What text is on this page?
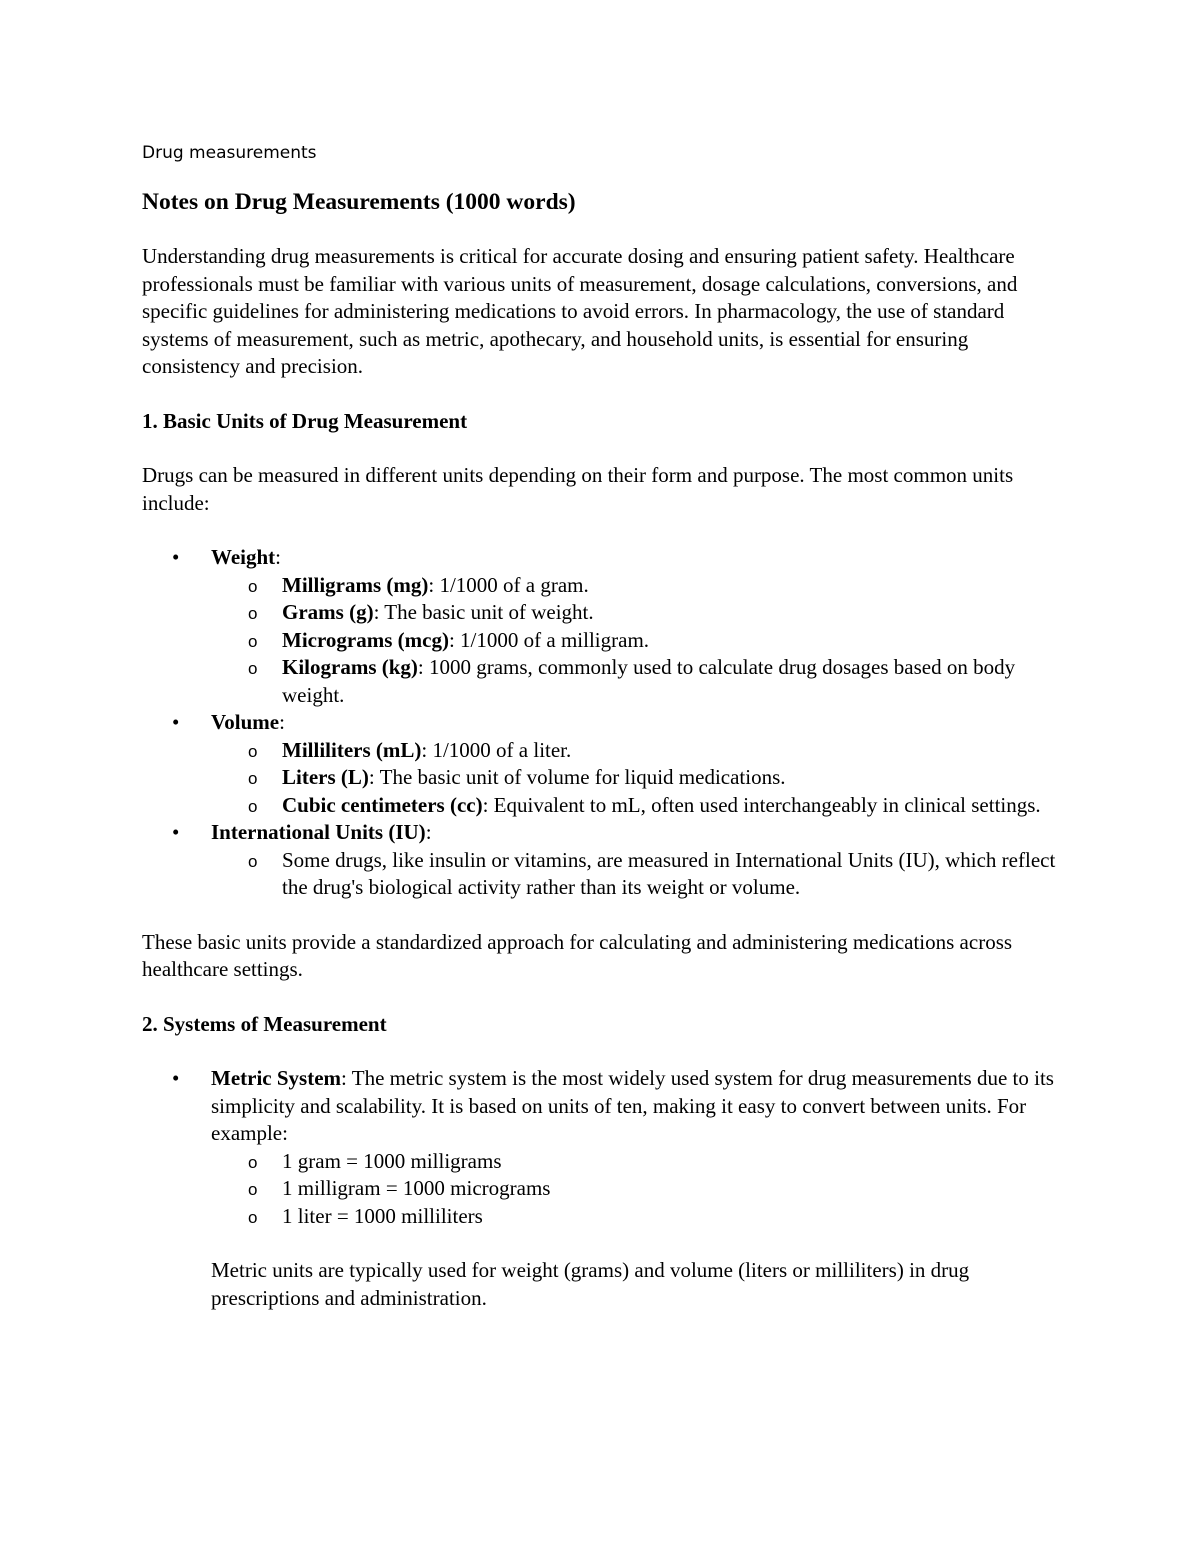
Drug measurements
Notes on Drug Measurements (1000 words)

Understanding drug measurements is critical for accurate dosing and ensuring patient safety. Healthcare professionals must be familiar with various units of measurement, dosage calculations, conversions, and specific guidelines for administering medications to avoid errors. In pharmacology, the use of standard systems of measurement, such as metric, apothecary, and household units, is essential for ensuring consistency and precision.

1. Basic Units of Drug Measurement

Drugs can be measured in different units depending on their form and purpose. The most common units include:

• Weight:
o Milligrams (mg): 1/1000 of a gram.
o Grams (g): The basic unit of weight.
o Micrograms (mcg): 1/1000 of a milligram.
o Kilograms (kg): 1000 grams, commonly used to calculate drug dosages based on body weight.
• Volume:
o Milliliters (mL): 1/1000 of a liter.
o Liters (L): The basic unit of volume for liquid medications.
o Cubic centimeters (cc): Equivalent to mL, often used interchangeably in clinical settings.
• International Units (IU):
o Some drugs, like insulin or vitamins, are measured in International Units (IU), which reflect the drug's biological activity rather than its weight or volume.

These basic units provide a standardized approach for calculating and administering medications across healthcare settings.

2. Systems of Measurement
• Metric System: The metric system is the most widely used system for drug measurements due to its simplicity and scalability. It is based on units of ten, making it easy to convert between units. For example:
o 1 gram = 1000 milligrams
o 1 milligram = 1000 micrograms
o 1 liter = 1000 milliliters

Metric units are typically used for weight (grams) and volume (liters or milliliters) in drug prescriptions and administration.
